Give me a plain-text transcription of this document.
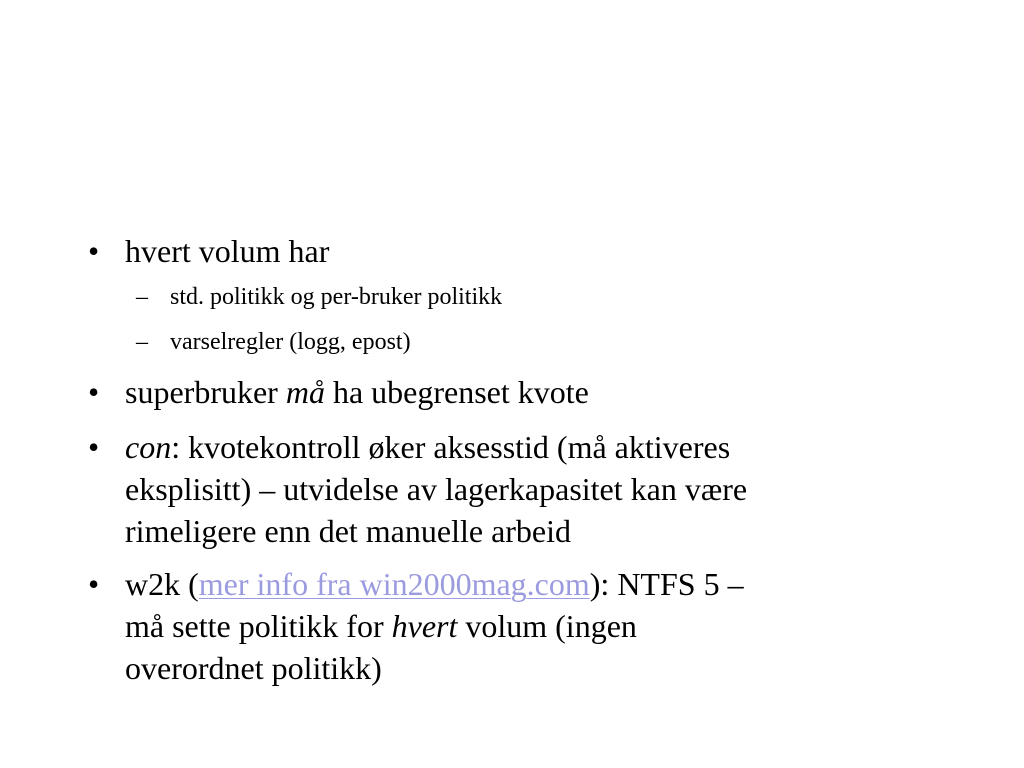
• hvert volum har
– std. politikk og per-bruker politikk
– varselregler (logg, epost)
• superbruker må ha ubegrenset kvote
• con: kvotekontroll øker aksesstid (må aktiveres
eksplisitt) – utvidelse av lagerkapasitet kan være
rimeligere enn det manuelle arbeid
• w2k (mer info fra win2000mag.com): NTFS 5 –
må sette politikk for hvert volum (ingen
overordnet politikk)
